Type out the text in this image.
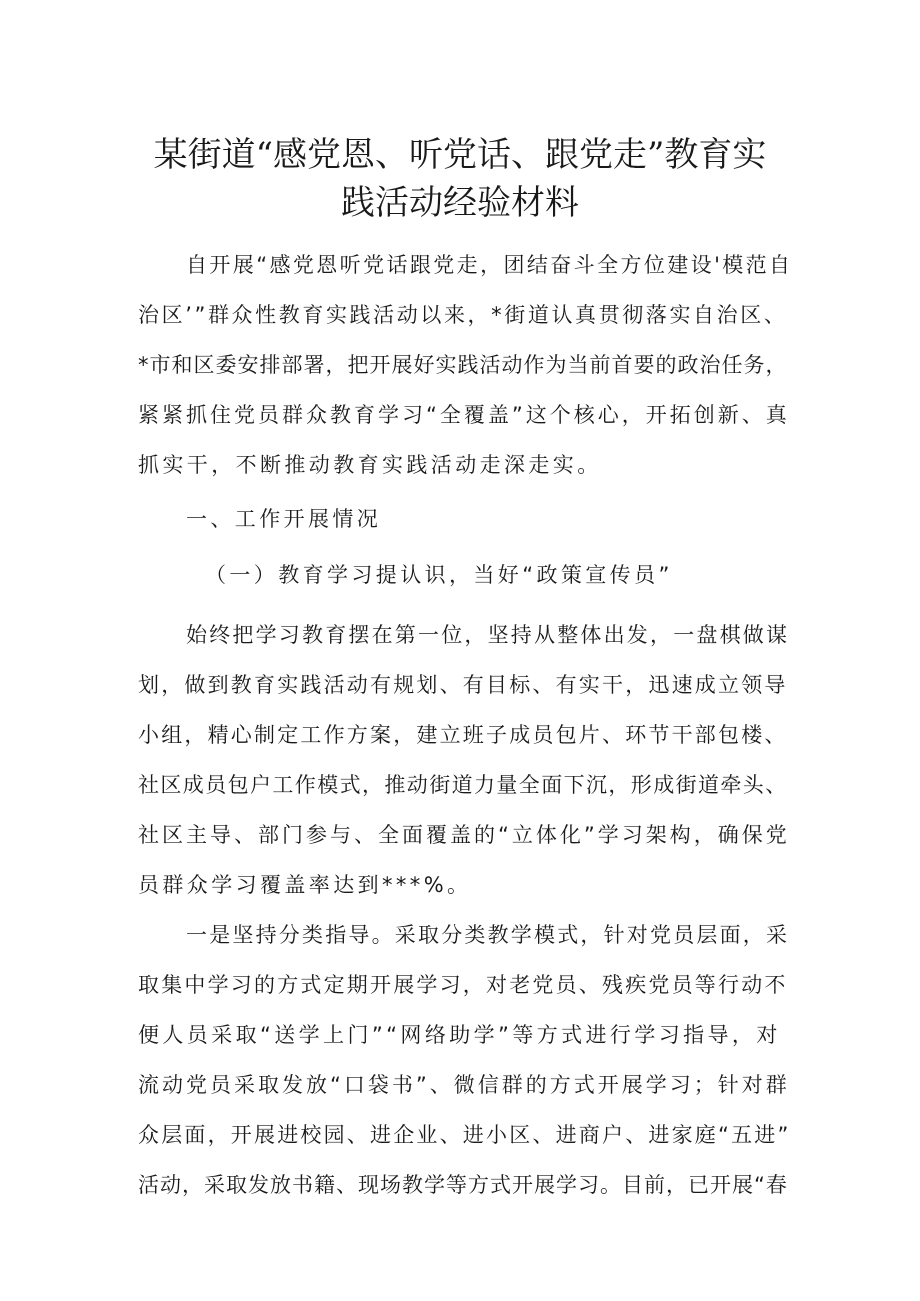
某街道“感党恩、听党话、跟党走”教育实
践活动经验材料
自开展“感党恩听党话跟党走，团结奋斗全方位建设'模范自
治区’”群众性教育实践活动以来，*街道认真贯彻落实自治区、
*市和区委安排部署，把开展好实践活动作为当前首要的政治任务，
紧紧抓住党员群众教育学习“全覆盖”这个核心，开拓创新、真
抓实干，不断推动教育实践活动走深走实。
一、工作开展情况
（一）教育学习提认识，当好“政策宣传员”
始终把学习教育摆在第一位，坚持从整体出发，一盘棋做谋
划，做到教育实践活动有规划、有目标、有实干，迅速成立领导
小组，精心制定工作方案，建立班子成员包片、环节干部包楼、
社区成员包户工作模式，推动街道力量全面下沉，形成街道牵头、
社区主导、部门参与、全面覆盖的“立体化”学习架构，确保党
员群众学习覆盖率达到***%。
一是坚持分类指导。采取分类教学模式，针对党员层面，采
取集中学习的方式定期开展学习，对老党员、残疾党员等行动不
便人员采取“送学上门”“网络助学”等方式进行学习指导，对
流动党员采取发放“口袋书”、微信群的方式开展学习；针对群
众层面，开展进校园、进企业、进小区、进商户、进家庭“五进”
活动，采取发放书籍、现场教学等方式开展学习。目前，已开展“春
